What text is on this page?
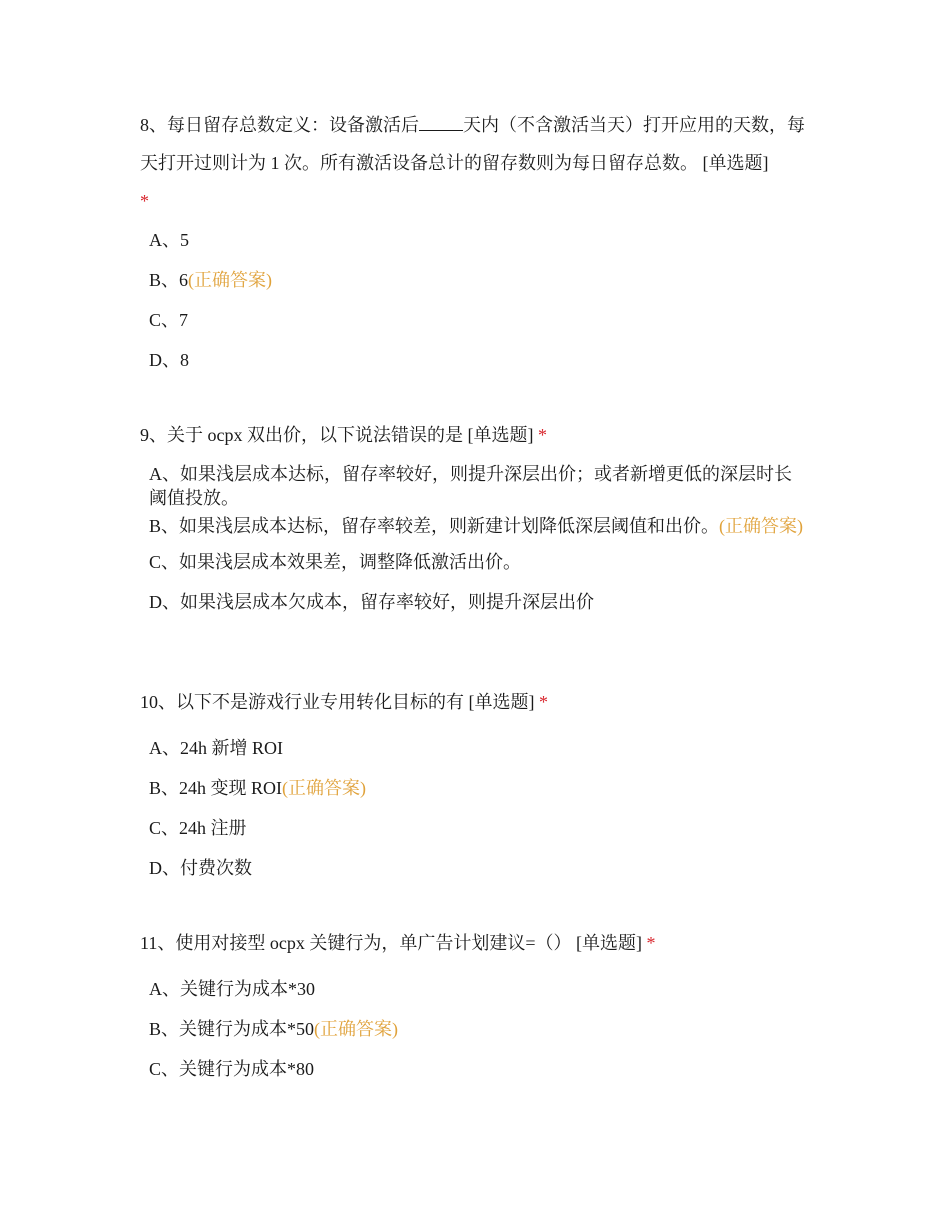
8、每日留存总数定义：设备激活后 天内（不含激活当天）打开应用的天数，每天打开过则计为 1 次。所有激活设备总计的留存数则为每日留存总数。 [单选题]
*
A、5
B、6(正确答案)
C、7
D、8
9、关于 ocpx 双出价，以下说法错误的是 [单选题] *
A、如果浅层成本达标，留存率较好，则提升深层出价；或者新增更低的深层时长阈值投放。
B、如果浅层成本达标，留存率较差，则新建计划降低深层阈值和出价。(正确答案)
C、如果浅层成本效果差，调整降低激活出价。
D、如果浅层成本欠成本，留存率较好，则提升深层出价
10、以下不是游戏行业专用转化目标的有 [单选题] *
A、24h 新增 ROI
B、24h 变现 ROI(正确答案)
C、24h 注册
D、付费次数
11、使用对接型 ocpx 关键行为，单广告计划建议=（） [单选题] *
A、关键行为成本*30
B、关键行为成本*50(正确答案)
C、关键行为成本*80
